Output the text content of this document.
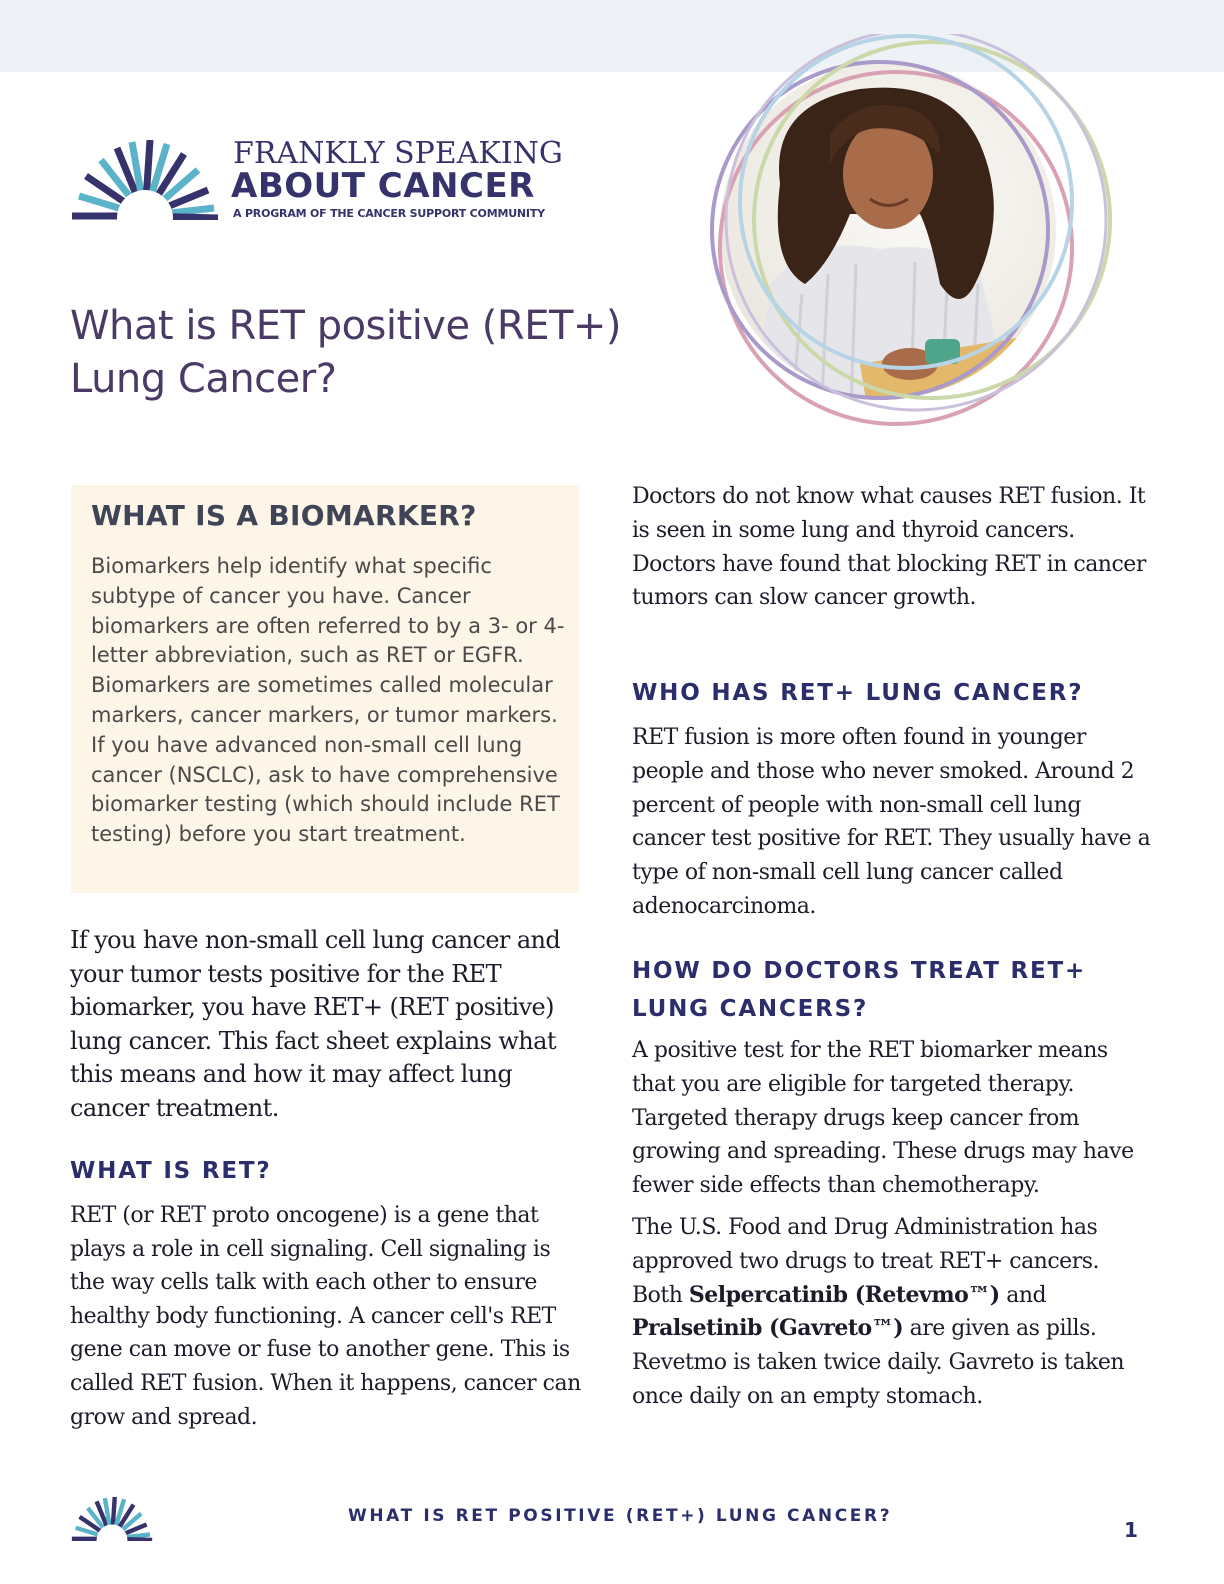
FRANKLY SPEAKING
ABOUT CANCER
A PROGRAM OF THE CANCER SUPPORT COMMUNITY
What is RET positive (RET+)
Lung Cancer?
WHAT IS A BIOMARKER?

Biomarkers help identify what specific subtype of cancer you have. Cancer biomarkers are often referred to by a 3- or 4-letter abbreviation, such as RET or EGFR. Biomarkers are sometimes called molecular markers, cancer markers, or tumor markers. If you have advanced non-small cell lung cancer (NSCLC), ask to have comprehensive biomarker testing (which should include RET testing) before you start treatment.

If you have non-small cell lung cancer and your tumor tests positive for the RET biomarker, you have RET+ (RET positive) lung cancer. This fact sheet explains what this means and how it may affect lung cancer treatment.

WHAT IS RET?

RET (or RET proto oncogene) is a gene that plays a role in cell signaling. Cell signaling is the way cells talk with each other to ensure healthy body functioning. A cancer cell's RET gene can move or fuse to another gene. This is called RET fusion. When it happens, cancer can grow and spread.

Doctors do not know what causes RET fusion. It is seen in some lung and thyroid cancers. Doctors have found that blocking RET in cancer tumors can slow cancer growth.

WHO HAS RET+ LUNG CANCER?

RET fusion is more often found in younger people and those who never smoked. Around 2 percent of people with non-small cell lung cancer test positive for RET. They usually have a type of non-small cell lung cancer called adenocarcinoma.

HOW DO DOCTORS TREAT RET+ LUNG CANCERS?

A positive test for the RET biomarker means that you are eligible for targeted therapy. Targeted therapy drugs keep cancer from growing and spreading. These drugs may have fewer side effects than chemotherapy.

The U.S. Food and Drug Administration has approved two drugs to treat RET+ cancers. Both Selpercatinib (Retevmo™) and Pralsetinib (Gavreto™) are given as pills. Revetmo is taken twice daily. Gavreto is taken once daily on an empty stomach.

WHAT IS RET POSITIVE (RET+) LUNG CANCER?
1
